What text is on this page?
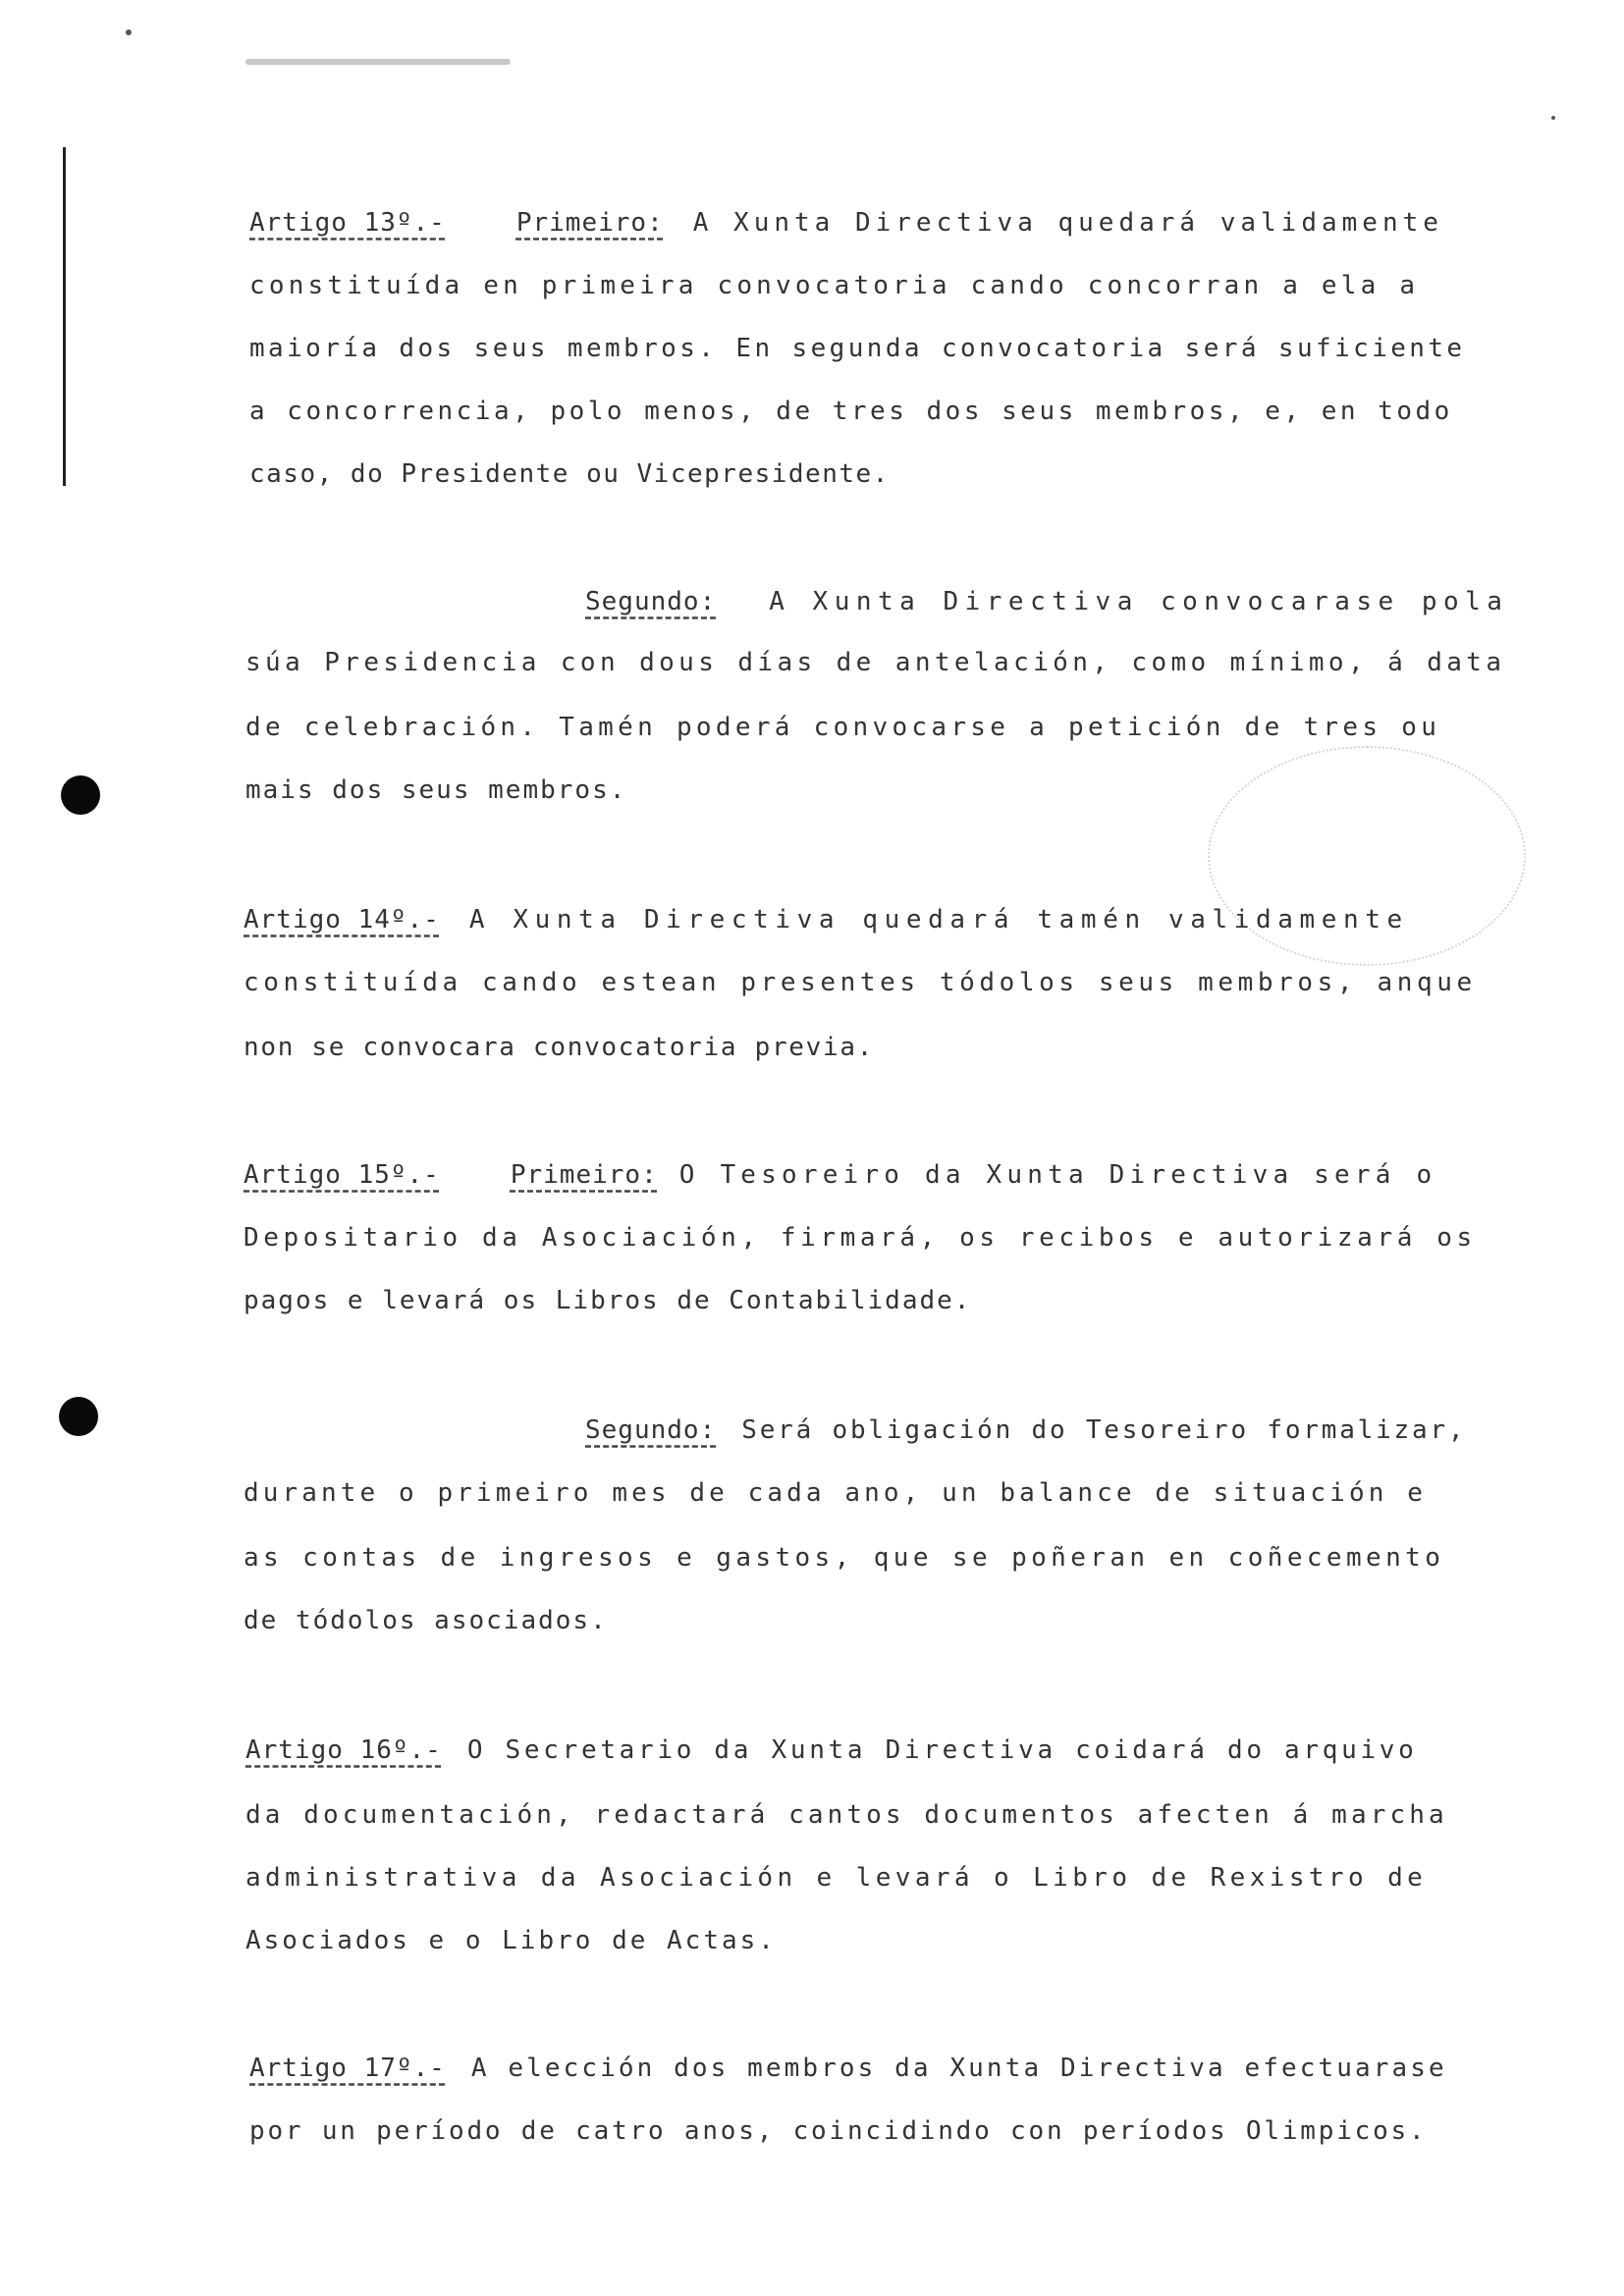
Artigo 13º.-	Primeiro: A Xunta Directiva quedará validamente
constituída en primeira convocatoria cando concorran a ela a
maioría dos seus membros. En segunda convocatoria será suficiente
a concorrencia, polo menos, de tres dos seus membros, e, en todo
caso, do Presidente ou Vicepresidente.
Segundo: A Xunta Directiva convocarase pola
súa Presidencia con dous días de antelación, como mínimo, á data
de celebración. Tamén poderá convocarse a petición de tres ou
mais dos seus membros.
Artigo 14º.- A Xunta Directiva quedará tamén validamente
constituída cando estean presentes tódolos seus membros, anque
non se convocara convocatoria previa.
Artigo 15º.-	Primeiro: O Tesoreiro da Xunta Directiva será o
Depositario da Asociación, firmará, os recibos e autorizará os
pagos e levará os Libros de Contabilidade.
Segundo: Será obligación do Tesoreiro formalizar,
durante o primeiro mes de cada ano, un balance de situación e
as contas de ingresos e gastos, que se poñeran en coñecemento
de tódolos asociados.
Artigo 16º.- O Secretario da Xunta Directiva coidará do arquivo
da documentación, redactará cantos documentos afecten á marcha
administrativa da Asociación e levará o Libro de Rexistro de
Asociados e o Libro de Actas.
Artigo 17º.- A elección dos membros da Xunta Directiva efectuarase
por un período de catro anos, coincidindo con períodos Olimpicos.
